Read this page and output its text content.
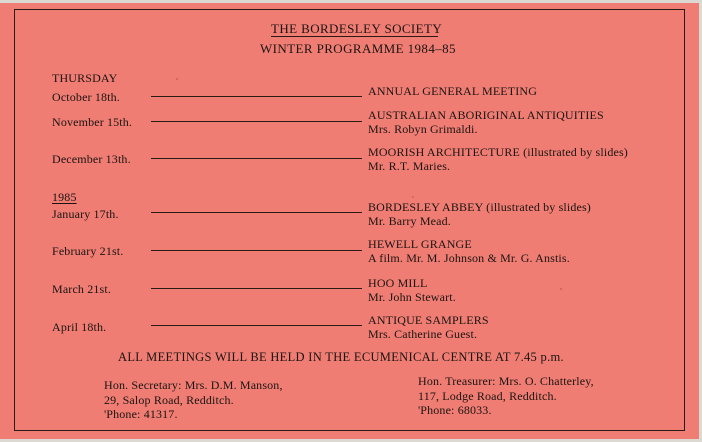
THE BORDESLEY SOCIETY
WINTER PROGRAMME 1984–85
THURSDAY
October 18th.	ANNUAL GENERAL MEETING
November 15th.	AUSTRALIAN ABORIGINAL ANTIQUITIES
Mrs. Robyn Grimaldi.
December 13th.	MOORISH ARCHITECTURE (illustrated by slides)
Mr. R.T. Maries.
1985
January 17th.	BORDESLEY ABBEY (illustrated by slides)
Mr. Barry Mead.
February 21st.	HEWELL GRANGE
A film. Mr. M. Johnson & Mr. G. Anstis.
March 21st.	HOO MILL
Mr. John Stewart.
April 18th.	ANTIQUE SAMPLERS
Mrs. Catherine Guest.
ALL MEETINGS WILL BE HELD IN THE ECUMENICAL CENTRE AT 7.45 p.m.
Hon. Secretary: Mrs. D.M. Manson,
29, Salop Road, Redditch.
'Phone: 41317.
Hon. Treasurer: Mrs. O. Chatterley,
117, Lodge Road, Redditch.
'Phone: 68033.
